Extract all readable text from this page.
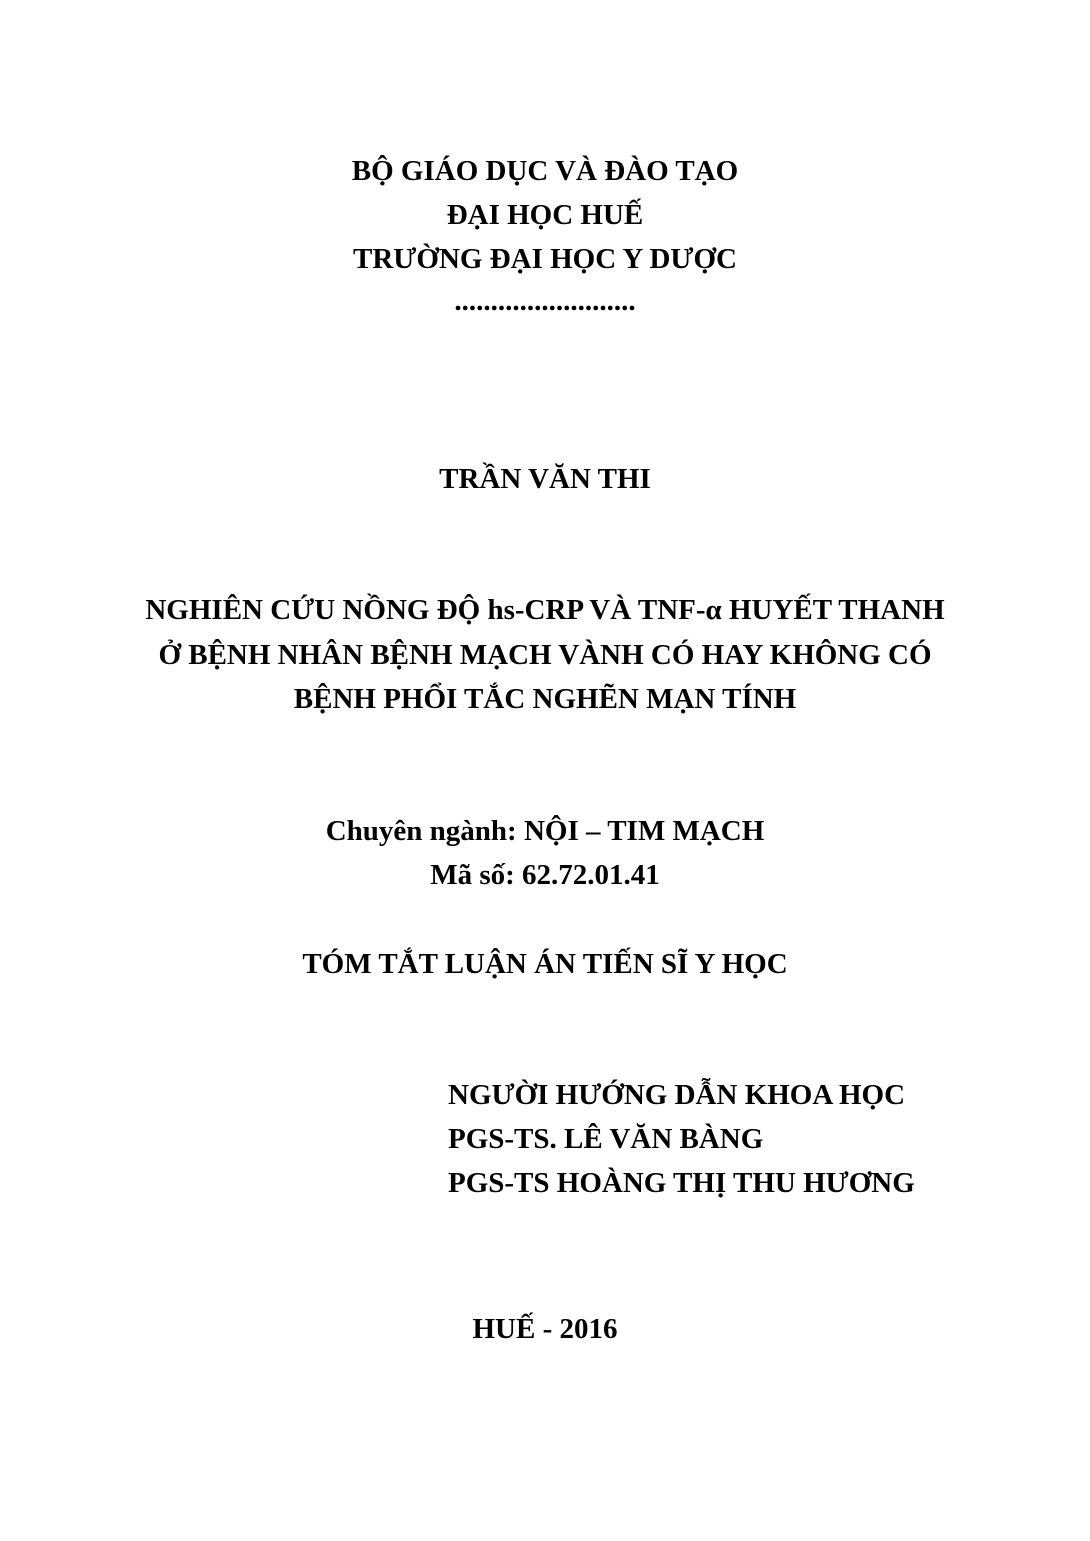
BỘ GIÁO DỤC VÀ ĐÀO TẠO
ĐẠI HỌC HUẾ
TRƯỜNG ĐẠI HỌC Y DƯỢC
.........................
TRẦN VĂN THI
NGHIÊN CỨU NỒNG ĐỘ hs-CRP VÀ TNF-α HUYẾT THANH
Ở BỆNH NHÂN BỆNH MẠCH VÀNH CÓ HAY KHÔNG CÓ
BỆNH PHỔI TẮC NGHẼN MẠN TÍNH
Chuyên ngành: NỘI – TIM MẠCH
Mã số: 62.72.01.41
TÓM TẮT LUẬN ÁN TIẾN SĨ Y HỌC
NGƯỜI HƯỚNG DẪN KHOA HỌC
PGS-TS. LÊ VĂN BÀNG
PGS-TS HOÀNG THỊ THU HƯƠNG
HUẾ - 2016
